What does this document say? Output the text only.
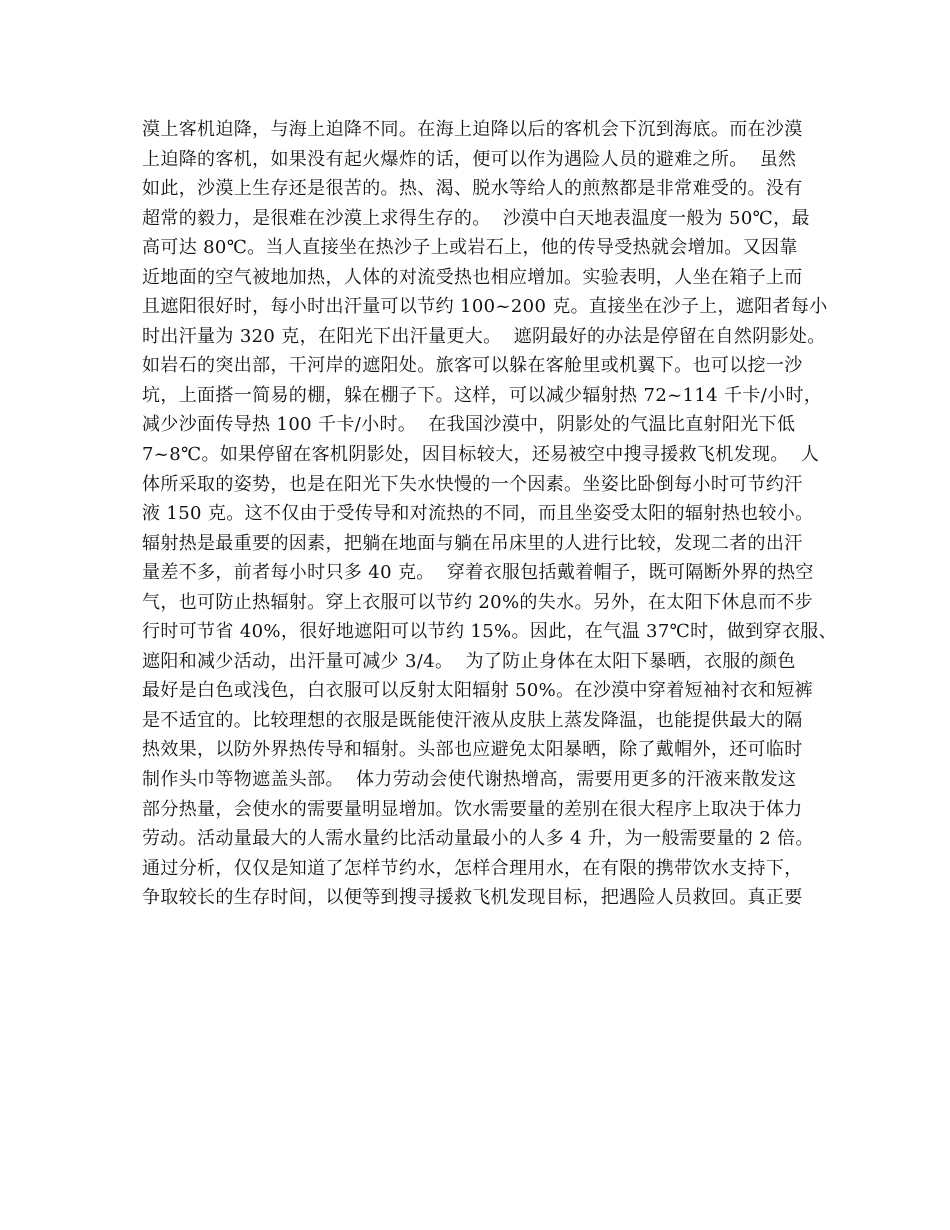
漠上客机迫降，与海上迫降不同。在海上迫降以后的客机会下沉到海底。而在沙漠
上迫降的客机，如果没有起火爆炸的话，便可以作为遇险人员的避难之所。  虽然
如此，沙漠上生存还是很苦的。热、渴、脱水等给人的煎熬都是非常难受的。没有
超常的毅力，是很难在沙漠上求得生存的。  沙漠中白天地表温度一般为 50℃，最
高可达 80℃。当人直接坐在热沙子上或岩石上，他的传导受热就会增加。又因靠
近地面的空气被地加热，人体的对流受热也相应增加。实验表明，人坐在箱子上而
且遮阳很好时，每小时出汗量可以节约 100~200 克。直接坐在沙子上，遮阳者每小
时出汗量为 320 克，在阳光下出汗量更大。  遮阴最好的办法是停留在自然阴影处。
如岩石的突出部，干河岸的遮阳处。旅客可以躲在客舱里或机翼下。也可以挖一沙
坑，上面搭一简易的棚，躲在棚子下。这样，可以减少辐射热 72~114 千卡/小时，
减少沙面传导热 100 千卡/小时。  在我国沙漠中，阴影处的气温比直射阳光下低
7~8℃。如果停留在客机阴影处，因目标较大，还易被空中搜寻援救飞机发现。  人
体所采取的姿势，也是在阳光下失水快慢的一个因素。坐姿比卧倒每小时可节约汗
液 150 克。这不仅由于受传导和对流热的不同，而且坐姿受太阳的辐射热也较小。
辐射热是最重要的因素，把躺在地面与躺在吊床里的人进行比较，发现二者的出汗
量差不多，前者每小时只多 40 克。  穿着衣服包括戴着帽子，既可隔断外界的热空
气，也可防止热辐射。穿上衣服可以节约 20%的失水。另外，在太阳下休息而不步
行时可节省 40%，很好地遮阳可以节约 15%。因此，在气温 37℃时，做到穿衣服、
遮阳和减少活动，出汗量可减少 3/4。  为了防止身体在太阳下暴晒，衣服的颜色
最好是白色或浅色，白衣服可以反射太阳辐射 50%。在沙漠中穿着短袖衬衣和短裤
是不适宜的。比较理想的衣服是既能使汗液从皮肤上蒸发降温，也能提供最大的隔
热效果，以防外界热传导和辐射。头部也应避免太阳暴晒，除了戴帽外，还可临时
制作头巾等物遮盖头部。  体力劳动会使代谢热增高，需要用更多的汗液来散发这
部分热量，会使水的需要量明显增加。饮水需要量的差别在很大程序上取决于体力
劳动。活动量最大的人需水量约比活动量最小的人多 4 升，为一般需要量的 2 倍。
通过分析，仅仅是知道了怎样节约水，怎样合理用水，在有限的携带饮水支持下，
争取较长的生存时间，以便等到搜寻援救飞机发现目标，把遇险人员救回。真正要
